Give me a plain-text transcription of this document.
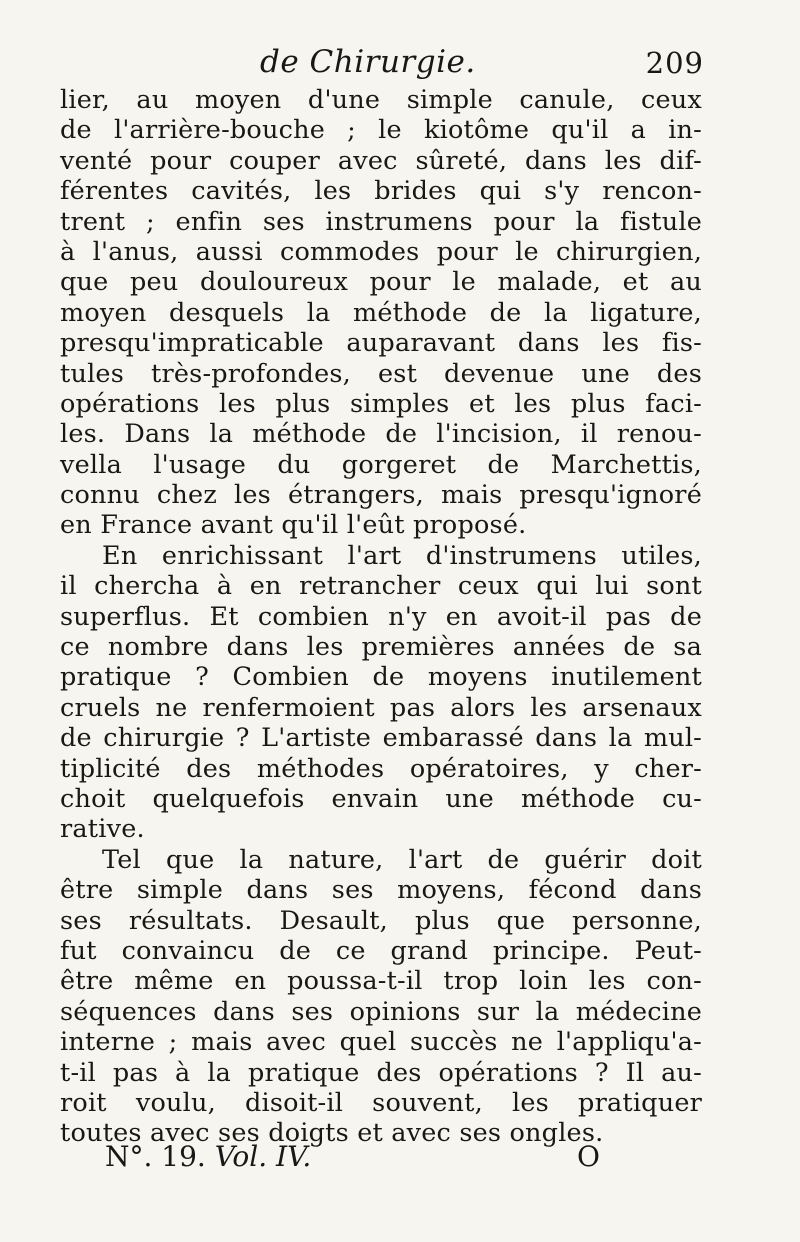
de Chirurgie.	209
lier, au moyen d'une simple canule, ceux
de l'arrière-bouche ; le kiotôme qu'il a in-
venté pour couper avec sûreté, dans les dif-
férentes cavités, les brides qui s'y rencon-
trent ; enfin ses instrumens pour la fistule
à l'anus, aussi commodes pour le chirurgien,
que peu douloureux pour le malade, et au
moyen desquels la méthode de la ligature,
presqu'impraticable auparavant dans les fis-
tules très-profondes, est devenue une des
opérations les plus simples et les plus faci-
les. Dans la méthode de l'incision, il renou-
vella l'usage du gorgeret de Marchettis,
connu chez les étrangers, mais presqu'ignoré
en France avant qu'il l'eût proposé.
En enrichissant l'art d'instrumens utiles,
il chercha à en retrancher ceux qui lui sont
superflus. Et combien n'y en avoit-il pas de
ce nombre dans les premières années de sa
pratique ? Combien de moyens inutilement
cruels ne renfermoient pas alors les arsenaux
de chirurgie ? L'artiste embarassé dans la mul-
tiplicité des méthodes opératoires, y cher-
choit quelquefois envain une méthode cu-
rative.
Tel que la nature, l'art de guérir doit
être simple dans ses moyens, fécond dans
ses résultats. Desault, plus que personne,
fut convaincu de ce grand principe. Peut-
être même en poussa-t-il trop loin les con-
séquences dans ses opinions sur la médecine
interne ; mais avec quel succès ne l'appliqu'a-
t-il pas à la pratique des opérations ? Il au-
roit voulu, disoit-il souvent, les pratiquer
toutes avec ses doigts et avec ses ongles.
N°. 19. Vol. IV.	O
